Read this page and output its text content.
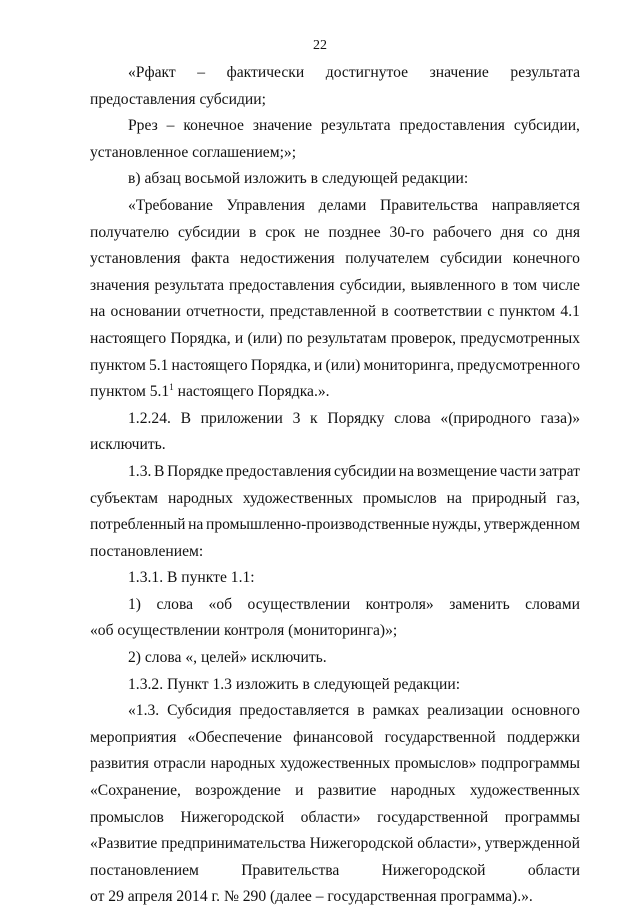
22
«Рфакт – фактически достигнутое значение результата
предоставления субсидии;
Ррез – конечное значение результата предоставления субсидии,
установленное соглашением;»;
в) абзац восьмой изложить в следующей редакции:
«Требование Управления делами Правительства направляется
получателю субсидии в срок не позднее 30-го рабочего дня со дня
установления факта недостижения получателем субсидии конечного
значения результата предоставления субсидии, выявленного в том числе
на основании отчетности, представленной в соответствии с пунктом 4.1
настоящего Порядка, и (или) по результатам проверок, предусмотренных
пунктом 5.1 настоящего Порядка, и (или) мониторинга, предусмотренного
пунктом $5.1^1$ настоящего Порядка.».
1.2.24. В приложении 3 к Порядку слова «(природного газа)»
исключить.
1.3. В Порядке предоставления субсидии на возмещение части затрат
субъектам народных художественных промыслов на природный газ,
потребленный на промышленно-производственные нужды, утвержденном
постановлением:
1.3.1. В пункте 1.1:
1) слова «об осуществлении контроля» заменить словами
«об осуществлении контроля (мониторинга)»;
2) слова «, целей» исключить.
1.3.2. Пункт 1.3 изложить в следующей редакции:
«1.3. Субсидия предоставляется в рамках реализации основного
мероприятия «Обеспечение финансовой государственной поддержки
развития отрасли народных художественных промыслов» подпрограммы
«Сохранение, возрождение и развитие народных художественных
промыслов Нижегородской области» государственной программы
«Развитие предпринимательства Нижегородской области», утвержденной
постановлением	Правительства	Нижегородской	области
от 29 апреля 2014 г. № 290 (далее – государственная программа).».
